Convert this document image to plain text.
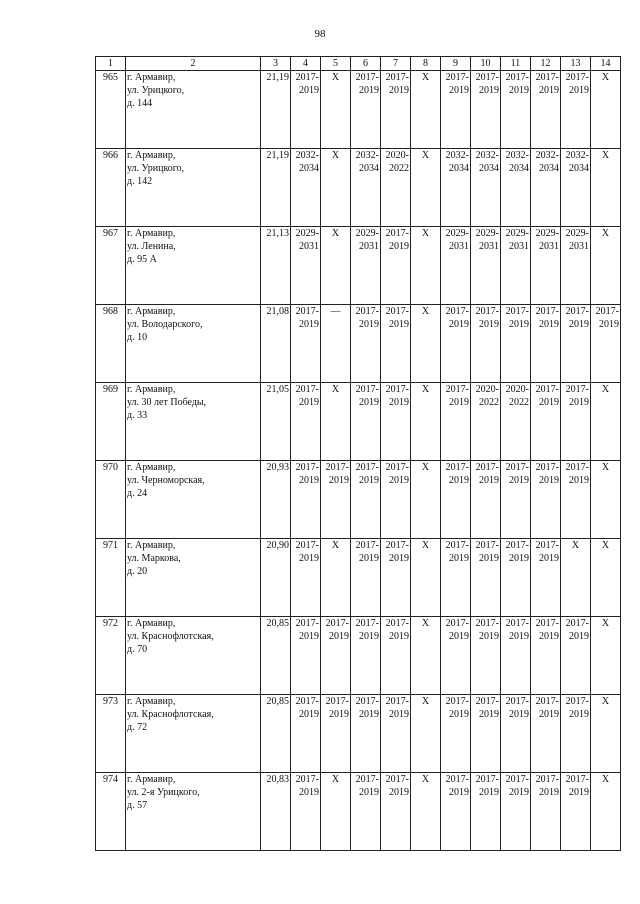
98
1	2	3	4	5	6	7	8	9	10	11	12	13	14
965	г. Армавир,
ул. Урицкого,
д. 144	21,19	2017-
2019	Х	2017-
2019	2017-
2019	Х	2017-
2019	2017-
2019	2017-
2019	2017-
2019	2017-
2019	Х
966	г. Армавир,
ул. Урицкого,
д. 142	21,19	2032-
2034	Х	2032-
2034	2020-
2022	Х	2032-
2034	2032-
2034	2032-
2034	2032-
2034	2032-
2034	Х
967	г. Армавир,
ул. Ленина,
д. 95 А	21,13	2029-
2031	Х	2029-
2031	2017-
2019	Х	2029-
2031	2029-
2031	2029-
2031	2029-
2031	2029-
2031	Х
968	г. Армавир,
ул. Володарского,
д. 10	21,08	2017-
2019	—	2017-
2019	2017-
2019	Х	2017-
2019	2017-
2019	2017-
2019	2017-
2019	2017-
2019	2017-
2019

969	г. Армавир,
ул. 30 лет Победы,
д. 33	21,05	2017-
2019	Х	2017-
2019	2017-
2019	Х	2017-
2019	2020-
2022	2020-
2022	2017-
2019	2017-
2019	Х
970	г. Армавир,
ул. Черноморская,
д. 24	20,93	2017-
2019	2017-
2019	2017-
2019	2017-
2019	Х	2017-
2019	2017-
2019	2017-
2019	2017-
2019	2017-
2019	Х
971	г. Армавир,
ул. Маркова,
д. 20	20,90	2017-
2019	Х	2017-
2019	2017-
2019	Х	2017-
2019	2017-
2019	2017-
2019	2017-
2019	Х	Х
972	г. Армавир,
ул. Краснофлотская,
д. 70	20,85	2017-
2019	2017-
2019	2017-
2019	2017-
2019	Х	2017-
2019	2017-
2019	2017-
2019	2017-
2019	2017-
2019	Х
973	г. Армавир,
ул. Краснофлотская,
д. 72	20,85	2017-
2019	2017-
2019	2017-
2019	2017-
2019	Х	2017-
2019	2017-
2019	2017-
2019	2017-
2019	2017-
2019	Х
974	г. Армавир,
ул. 2-я Урицкого,
д. 57	20,83	2017-
2019	Х	2017-
2019	2017-
2019	Х	2017-
2019	2017-
2019	2017-
2019	2017-
2019	2017-
2019	Х
